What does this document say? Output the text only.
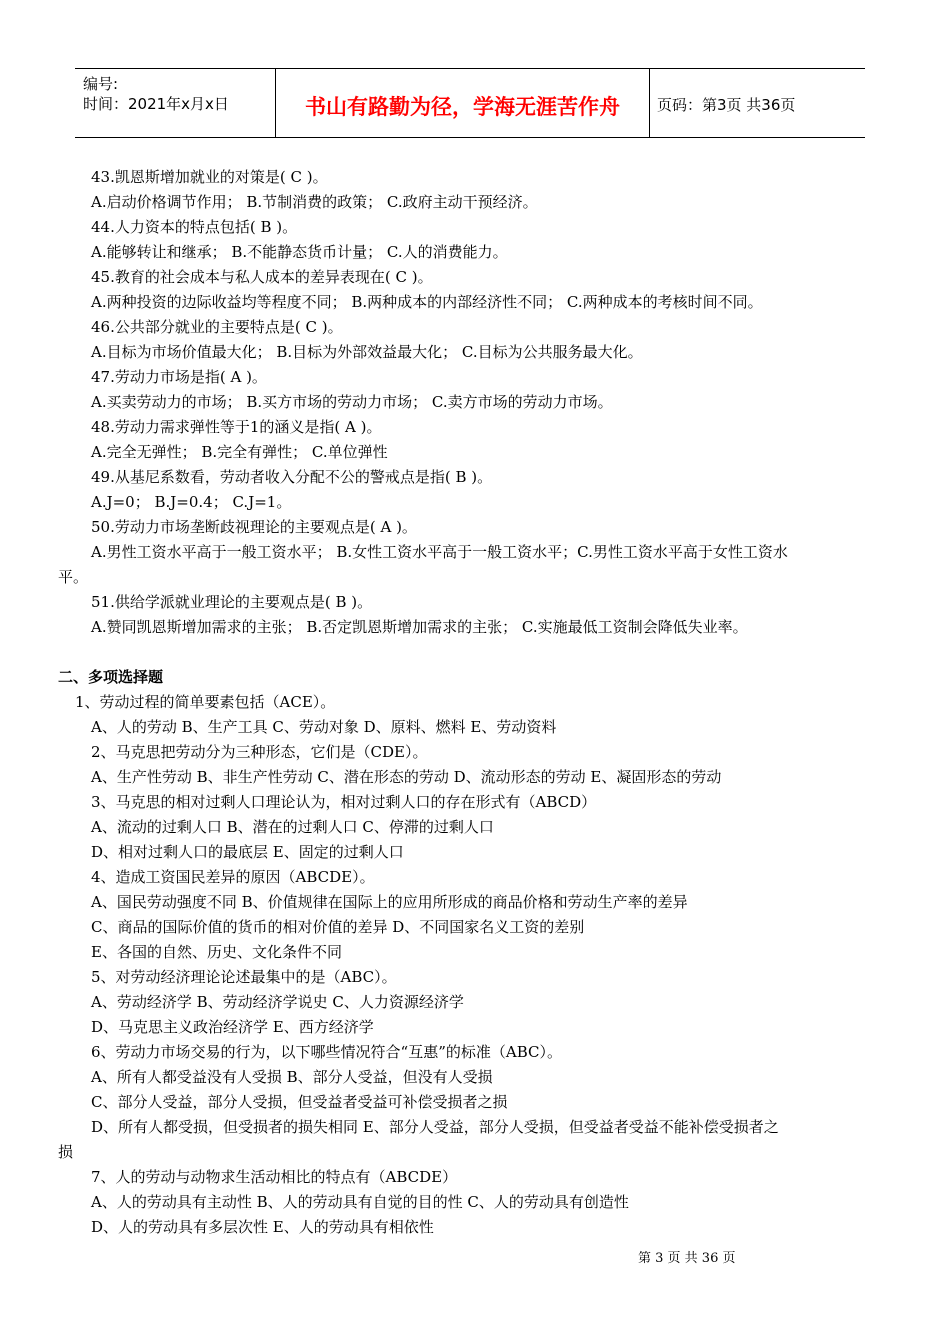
编号:
时间：2021年x月x日	书山有路勤为径，学海无涯苦作舟	页码：第3页 共36页
43.凯恩斯增加就业的对策是( C )。
A.启动价格调节作用； B.节制消费的政策； C.政府主动干预经济。
44.人力资本的特点包括( B )。
A.能够转让和继承； B.不能静态货币计量； C.人的消费能力。
45.教育的社会成本与私人成本的差异表现在( C )。
A.两种投资的边际收益均等程度不同； B.两种成本的内部经济性不同； C.两种成本的考核时间不同。
46.公共部分就业的主要特点是( C )。
A.目标为市场价值最大化； B.目标为外部效益最大化； C.目标为公共服务最大化。
47.劳动力市场是指( A )。
A.买卖劳动力的市场； B.买方市场的劳动力市场； C.卖方市场的劳动力市场。
48.劳动力需求弹性等于1的涵义是指( A )。
A.完全无弹性； B.完全有弹性； C.单位弹性
49.从基尼系数看，劳动者收入分配不公的警戒点是指( B )。
A.J=0； B.J=0.4； C.J=1。
50.劳动力市场垄断歧视理论的主要观点是( A )。
A.男性工资水平高于一般工资水平； B.女性工资水平高于一般工资水平；C.男性工资水平高于女性工资水
平。
51.供给学派就业理论的主要观点是( B )。
A.赞同凯恩斯增加需求的主张； B.否定凯恩斯增加需求的主张； C.实施最低工资制会降低失业率。
二、多项选择题
1、劳动过程的简单要素包括（ACE）。
A、人的劳动 B、生产工具 C、劳动对象 D、原料、燃料 E、劳动资料
2、马克思把劳动分为三种形态，它们是（CDE）。
A、生产性劳动 B、非生产性劳动 C、潜在形态的劳动 D、流动形态的劳动 E、凝固形态的劳动
3、马克思的相对过剩人口理论认为，相对过剩人口的存在形式有（ABCD）
A、流动的过剩人口 B、潜在的过剩人口 C、停滞的过剩人口
D、相对过剩人口的最底层 E、固定的过剩人口
4、造成工资国民差异的原因（ABCDE）。
A、国民劳动强度不同 B、价值规律在国际上的应用所形成的商品价格和劳动生产率的差异
C、商品的国际价值的货币的相对价值的差异 D、不同国家名义工资的差别
E、各国的自然、历史、文化条件不同
5、对劳动经济理论论述最集中的是（ABC）。
A、劳动经济学 B、劳动经济学说史 C、人力资源经济学
D、马克思主义政治经济学 E、西方经济学
6、劳动力市场交易的行为，以下哪些情况符合“互惠”的标准（ABC）。
A、所有人都受益没有人受损 B、部分人受益，但没有人受损
C、部分人受益，部分人受损，但受益者受益可补偿受损者之损
D、所有人都受损，但受损者的损失相同 E、部分人受益，部分人受损，但受益者受益不能补偿受损者之
损
7、人的劳动与动物求生活动相比的特点有（ABCDE）
A、人的劳动具有主动性 B、人的劳动具有自觉的目的性 C、人的劳动具有创造性
D、人的劳动具有多层次性 E、人的劳动具有相依性
第 3 页 共 36 页
